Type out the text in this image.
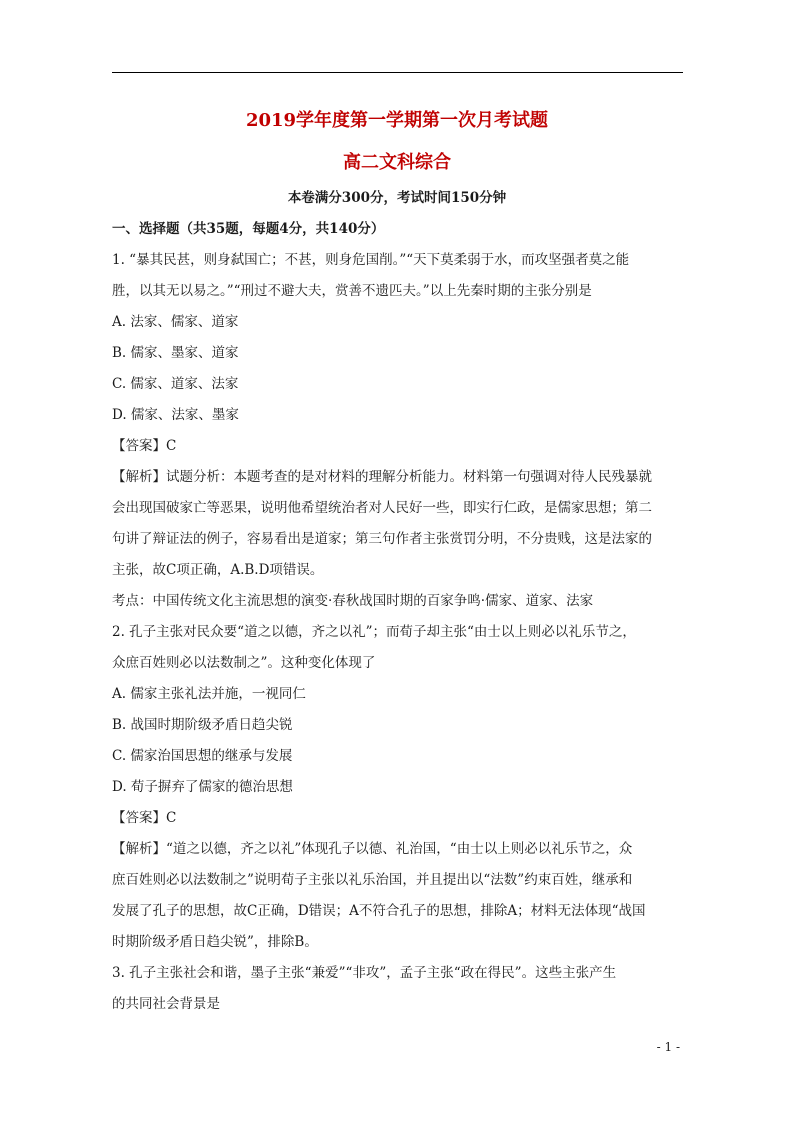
2019学年度第一学期第一次月考试题
高二文科综合
本卷满分300分，考试时间150分钟
一、选择题（共35题，每题4分，共140分）
1. “暴其民甚，则身弑国亡；不甚，则身危国削。”“天下莫柔弱于水，而攻坚强者莫之能
胜，以其无以易之。”“刑过不避大夫，赏善不遗匹夫。”以上先秦时期的主张分别是
A. 法家、儒家、道家
B. 儒家、墨家、道家
C. 儒家、道家、法家
D. 儒家、法家、墨家
【答案】C
【解析】试题分析：本题考查的是对材料的理解分析能力。材料第一句强调对待人民残暴就
会出现国破家亡等恶果，说明他希望统治者对人民好一些，即实行仁政，是儒家思想；第二
句讲了辩证法的例子，容易看出是道家；第三句作者主张赏罚分明，不分贵贱，这是法家的
主张，故C项正确，A.B.D项错误。
考点：中国传统文化主流思想的演变·春秋战国时期的百家争鸣·儒家、道家、法家
2. 孔子主张对民众要“道之以德，齐之以礼”；而荀子却主张“由士以上则必以礼乐节之，
众庶百姓则必以法数制之”。这种变化体现了
A. 儒家主张礼法并施，一视同仁
B. 战国时期阶级矛盾日趋尖锐
C. 儒家治国思想的继承与发展
D. 荀子摒弃了儒家的德治思想
【答案】C
【解析】“道之以德，齐之以礼”体现孔子以德、礼治国，“由士以上则必以礼乐节之，众
庶百姓则必以法数制之”说明荀子主张以礼乐治国，并且提出以“法数”约束百姓，继承和
发展了孔子的思想，故C正确，D错误；A不符合孔子的思想，排除A；材料无法体现“战国
时期阶级矛盾日趋尖锐”，排除B。
3. 孔子主张社会和谐，墨子主张“兼爱”“非攻”，孟子主张“政在得民”。这些主张产生
的共同社会背景是
- 1 -
